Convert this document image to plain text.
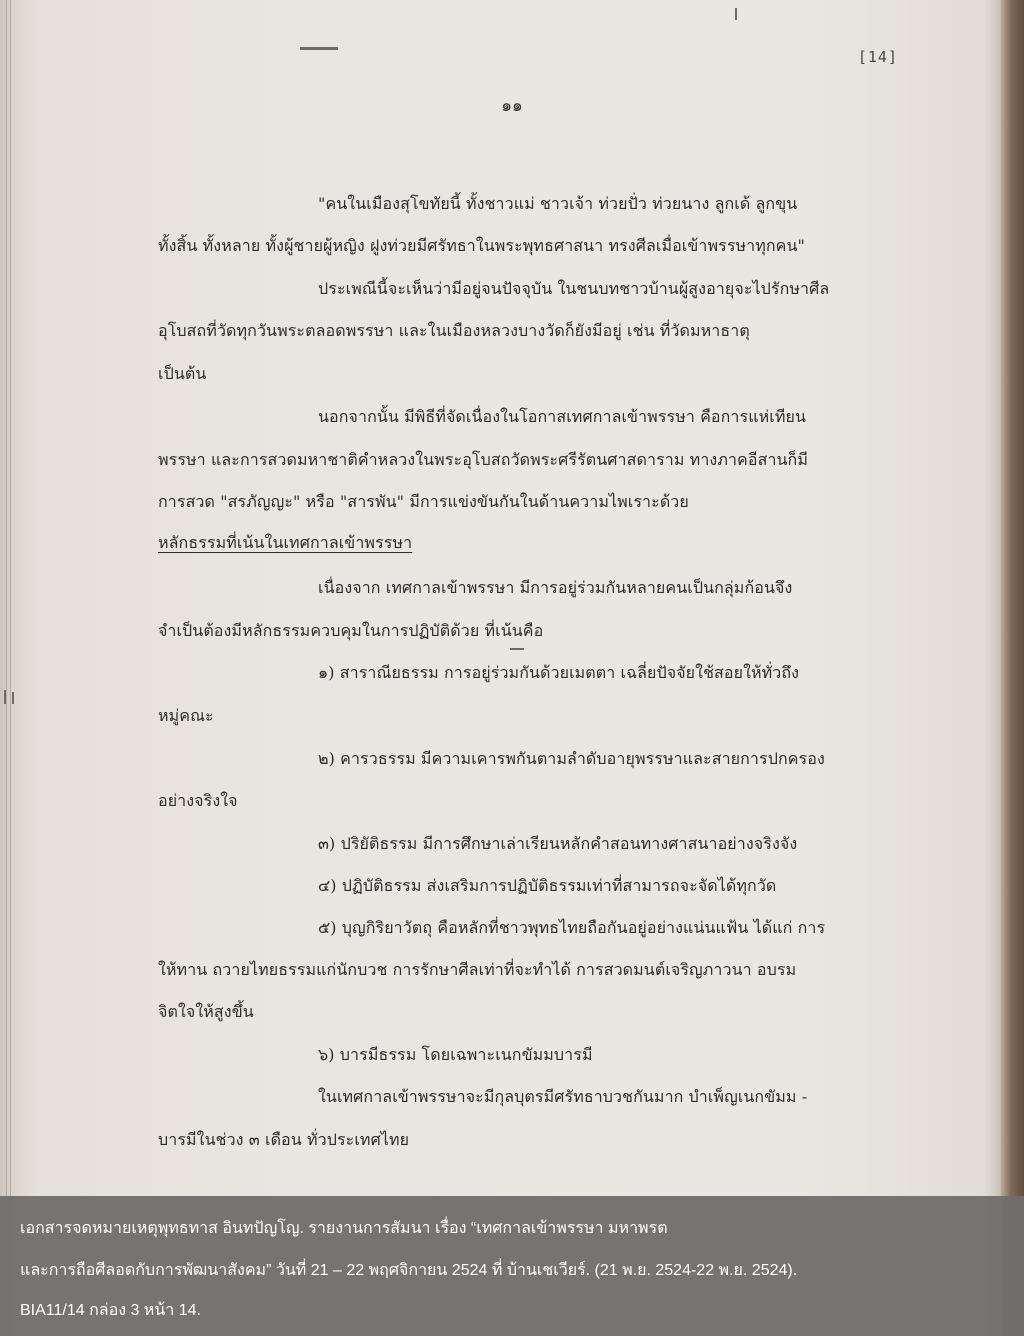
[14]
๑๑
"คนในเมืองสุโขทัยนี้ ทั้งชาวแม่ ชาวเจ้า ท่วยปั่ว ท่วยนาง ลูกเด้ ลูกขุน
ทั้งสิ้น ทั้งหลาย ทั้งผู้ชายผู้หญิง ฝูงท่วยมีศรัทธาในพระพุทธศาสนา ทรงศีลเมื่อเข้าพรรษาทุกคน"
ประเพณีนี้จะเห็นว่ามีอยู่จนปัจจุบัน ในชนบทชาวบ้านผู้สูงอายุจะไปรักษาศีล
อุโบสถที่วัดทุกวันพระตลอดพรรษา และในเมืองหลวงบางวัดก็ยังมีอยู่ เช่น ที่วัดมหาธาตุ
เป็นต้น
นอกจากนั้น มีพิธีที่จัดเนื่องในโอกาสเทศกาลเข้าพรรษา คือการแห่เทียน
พรรษา และการสวดมหาชาติคำหลวงในพระอุโบสถวัดพระศรีรัตนศาสดาราม ทางภาคอีสานก็มี
การสวด "สรภัญญะ" หรือ "สารพัน" มีการแข่งขันกันในด้านความไพเราะด้วย
หลักธรรมที่เน้นในเทศกาลเข้าพรรษา
เนื่องจาก เทศกาลเข้าพรรษา มีการอยู่ร่วมกันหลายคนเป็นกลุ่มก้อนจึง
จำเป็นต้องมีหลักธรรมควบคุมในการปฏิบัติด้วย ที่เน้นคือ
๑) สาราณียธรรม การอยู่ร่วมกันด้วยเมตตา เฉลี่ยปัจจัยใช้สอยให้ทั่วถึง
หมู่คณะ
๒) คารวธรรม มีความเคารพกันตามลำดับอายุพรรษาและสายการปกครอง
อย่างจริงใจ
๓) ปริยัติธรรม มีการศึกษาเล่าเรียนหลักคำสอนทางศาสนาอย่างจริงจัง
๔) ปฏิบัติธรรม ส่งเสริมการปฏิบัติธรรมเท่าที่สามารถจะจัดได้ทุกวัด
๕) บุญกิริยาวัตถุ คือหลักที่ชาวพุทธไทยถือกันอยู่อย่างแน่นแฟ้น ได้แก่ การ
ให้ทาน ถวายไทยธรรมแก่นักบวช การรักษาศีลเท่าที่จะทำได้ การสวดมนต์เจริญภาวนา อบรม
จิตใจให้สูงขึ้น
๖) บารมีธรรม โดยเฉพาะเนกขัมมบารมี
ในเทศกาลเข้าพรรษาจะมีกุลบุตรมีศรัทธาบวชกันมาก บำเพ็ญเนกขัมม -
บารมีในช่วง ๓ เดือน ทั่วประเทศไทย
เอกสารจดหมายเหตุพุทธทาส อินทปัญโญ. รายงานการสัมนา เรื่อง “เทศกาลเข้าพรรษา มหาพรต
และการถือศีลอดกับการพัฒนาสังคม” วันที่ 21 – 22 พฤศจิกายน 2524 ที่ บ้านเชเวียร์. (21 พ.ย. 2524-22 พ.ย. 2524).
BIA11/14 กล่อง 3 หน้า 14.
